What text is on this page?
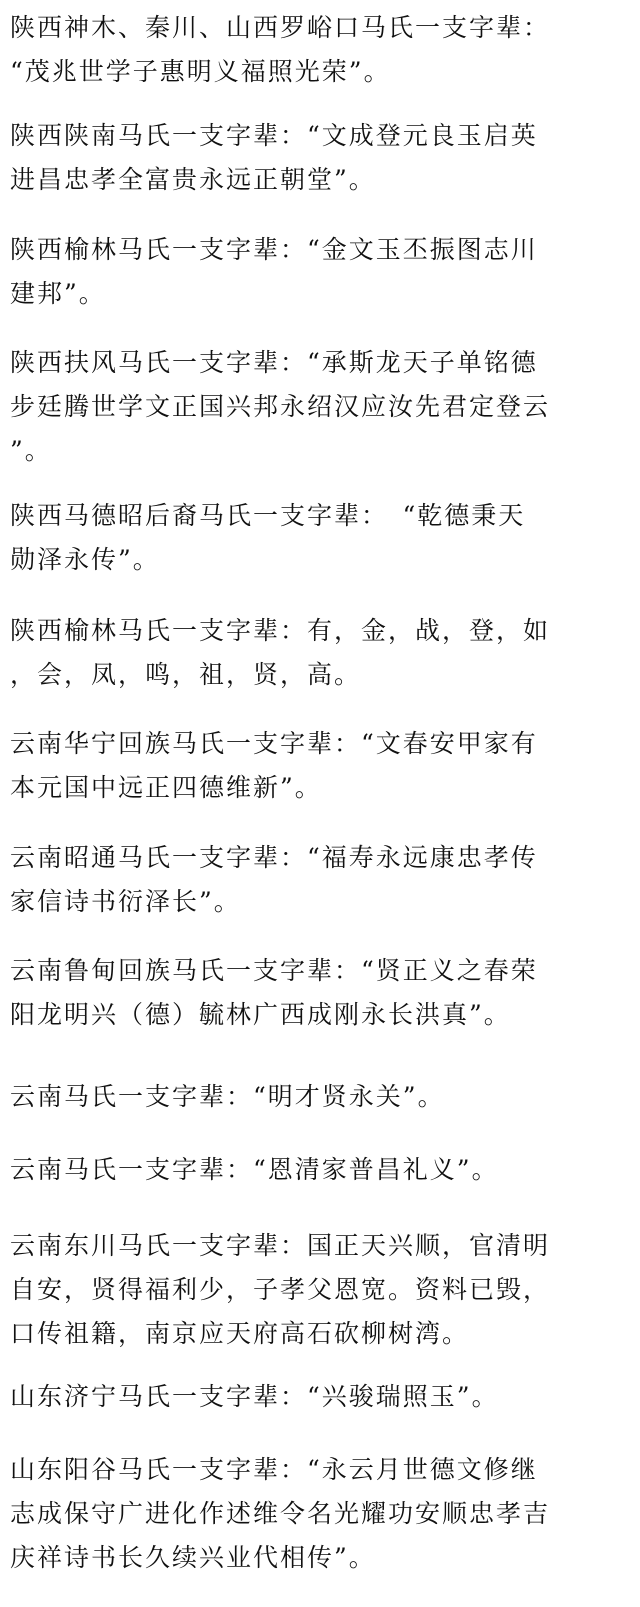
陕西神木、秦川、山西罗峪口马氏一支字辈：
“茂兆世学子惠明义福照光荣”。

陕西陕南马氏一支字辈：“文成登元良玉启英
进昌忠孝全富贵永远正朝堂”。

陕西榆林马氏一支字辈：“金文玉丕振图志川
建邦”。

陕西扶风马氏一支字辈：“承斯龙天子单铭德
步廷腾世学文正国兴邦永绍汉应汝先君定登云
”。

陕西马德昭后裔马氏一支字辈：　“乾德秉天
勋泽永传”。

陕西榆林马氏一支字辈：有，金，战，登，如
，会，凤，鸣，祖，贤，高。

云南华宁回族马氏一支字辈：“文春安甲家有
本元国中远正四德维新”。

云南昭通马氏一支字辈：“福寿永远康忠孝传
家信诗书衍泽长”。

云南鲁甸回族马氏一支字辈：“贤正义之春荣
阳龙明兴（德）毓林广西成刚永长洪真”。

云南马氏一支字辈：“明才贤永关”。

云南马氏一支字辈：“恩清家普昌礼义”。

云南东川马氏一支字辈：国正天兴顺，官清明
自安，贤得福利少，子孝父恩宽。资料已毁，
口传祖籍，南京应天府高石砍柳树湾。

山东济宁马氏一支字辈：“兴骏瑞照玉”。

山东阳谷马氏一支字辈：“永云月世德文修继
志成保守广进化作述维令名光耀功安顺忠孝吉
庆祥诗书长久续兴业代相传”。
